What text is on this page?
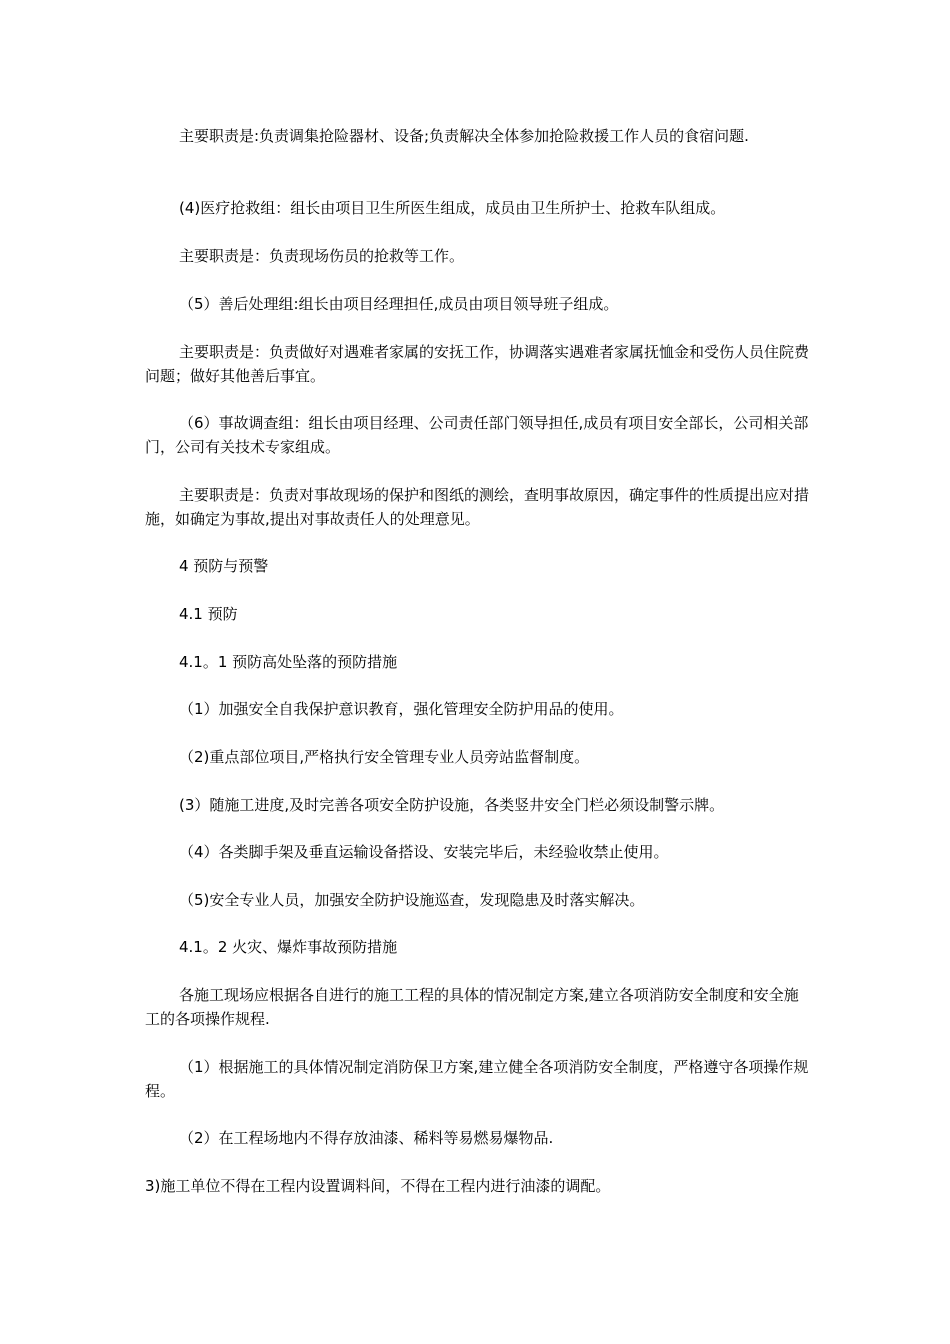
主要职责是:负责调集抢险器材、设备;负责解决全体参加抢险救援工作人员的食宿问题.

(4)医疗抢救组：组长由项目卫生所医生组成，成员由卫生所护士、抢救车队组成。

主要职责是：负责现场伤员的抢救等工作。

（5）善后处理组:组长由项目经理担任,成员由项目领导班子组成。

主要职责是：负责做好对遇难者家属的安抚工作，协调落实遇难者家属抚恤金和受伤人员住院费问题；做好其他善后事宜。

（6）事故调查组：组长由项目经理、公司责任部门领导担任,成员有项目安全部长，公司相关部门，公司有关技术专家组成。

主要职责是：负责对事故现场的保护和图纸的测绘，查明事故原因，确定事件的性质提出应对措施，如确定为事故,提出对事故责任人的处理意见。

4 预防与预警

4.1 预防

4.1。1 预防高处坠落的预防措施

（1）加强安全自我保护意识教育，强化管理安全防护用品的使用。

（2)重点部位项目,严格执行安全管理专业人员旁站监督制度。

(3）随施工进度,及时完善各项安全防护设施，各类竖井安全门栏必须设制警示牌。

（4）各类脚手架及垂直运输设备搭设、安装完毕后，未经验收禁止使用。

（5)安全专业人员，加强安全防护设施巡查，发现隐患及时落实解决。

4.1。2 火灾、爆炸事故预防措施

各施工现场应根据各自进行的施工工程的具体的情况制定方案,建立各项消防安全制度和安全施工的各项操作规程.

（1）根据施工的具体情况制定消防保卫方案,建立健全各项消防安全制度，严格遵守各项操作规程。

（2）在工程场地内不得存放油漆、稀料等易燃易爆物品.

3)施工单位不得在工程内设置调料间，不得在工程内进行油漆的调配。
